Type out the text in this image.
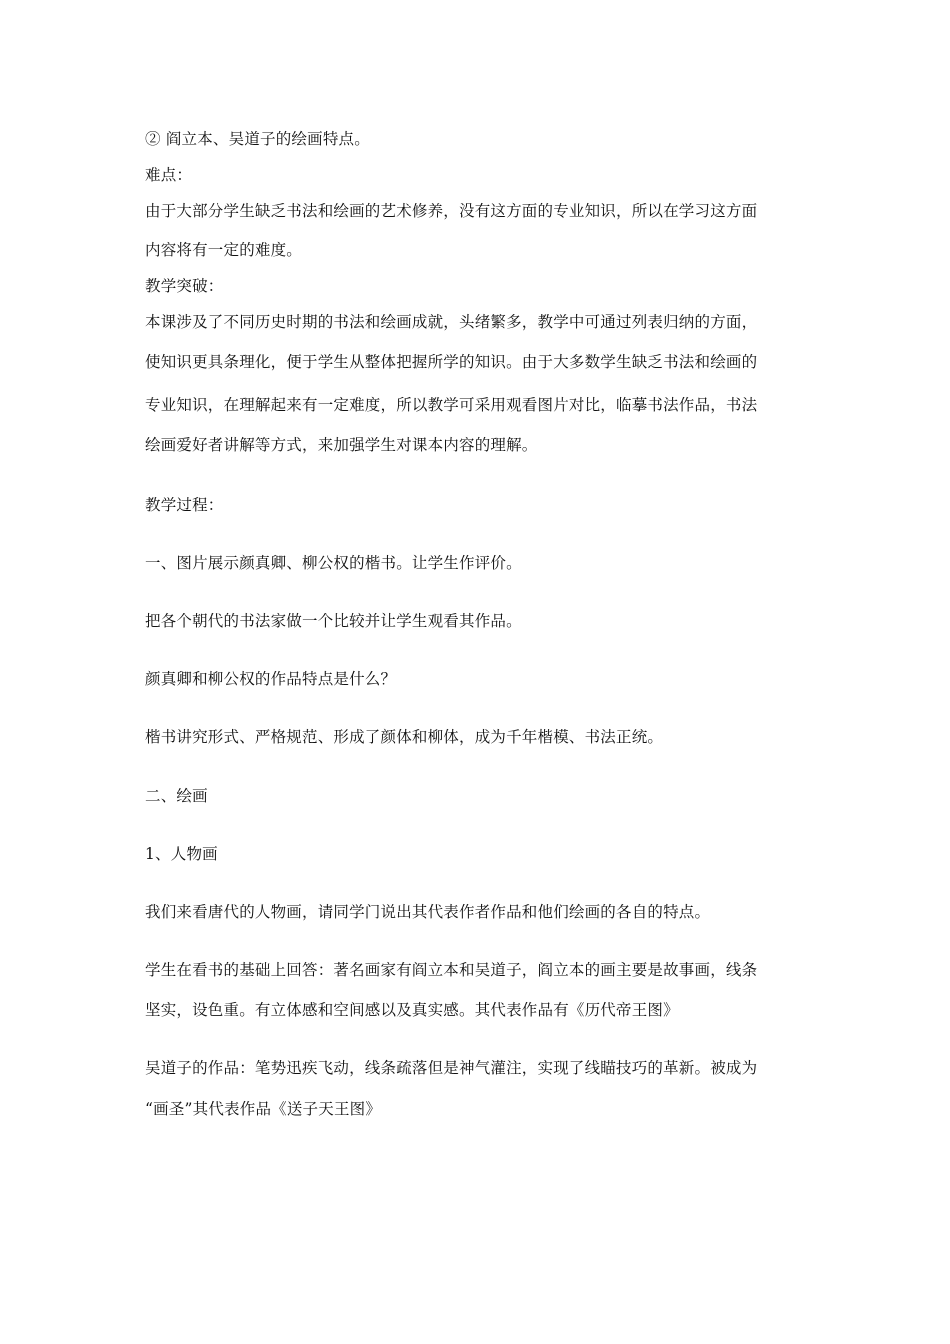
② 阎立本、吴道子的绘画特点。
难点：
由于大部分学生缺乏书法和绘画的艺术修养，没有这方面的专业知识，所以在学习这方面
内容将有一定的难度。
教学突破：
本课涉及了不同历史时期的书法和绘画成就，头绪繁多，教学中可通过列表归纳的方面，
使知识更具条理化，便于学生从整体把握所学的知识。由于大多数学生缺乏书法和绘画的
专业知识，在理解起来有一定难度，所以教学可采用观看图片对比，临摹书法作品，书法
绘画爱好者讲解等方式，来加强学生对课本内容的理解。
教学过程：
一、图片展示颜真卿、柳公权的楷书。让学生作评价。
把各个朝代的书法家做一个比较并让学生观看其作品。
颜真卿和柳公权的作品特点是什么？
楷书讲究形式、严格规范、形成了颜体和柳体，成为千年楷模、书法正统。
二、绘画
1、人物画
我们来看唐代的人物画，请同学门说出其代表作者作品和他们绘画的各自的特点。
学生在看书的基础上回答：著名画家有阎立本和吴道子，阎立本的画主要是故事画，线条
坚实，设色重。有立体感和空间感以及真实感。其代表作品有《历代帝王图》
吴道子的作品：笔势迅疾飞动，线条疏落但是神气灌注，实现了线瞄技巧的革新。被成为
“画圣”其代表作品《送子天王图》
